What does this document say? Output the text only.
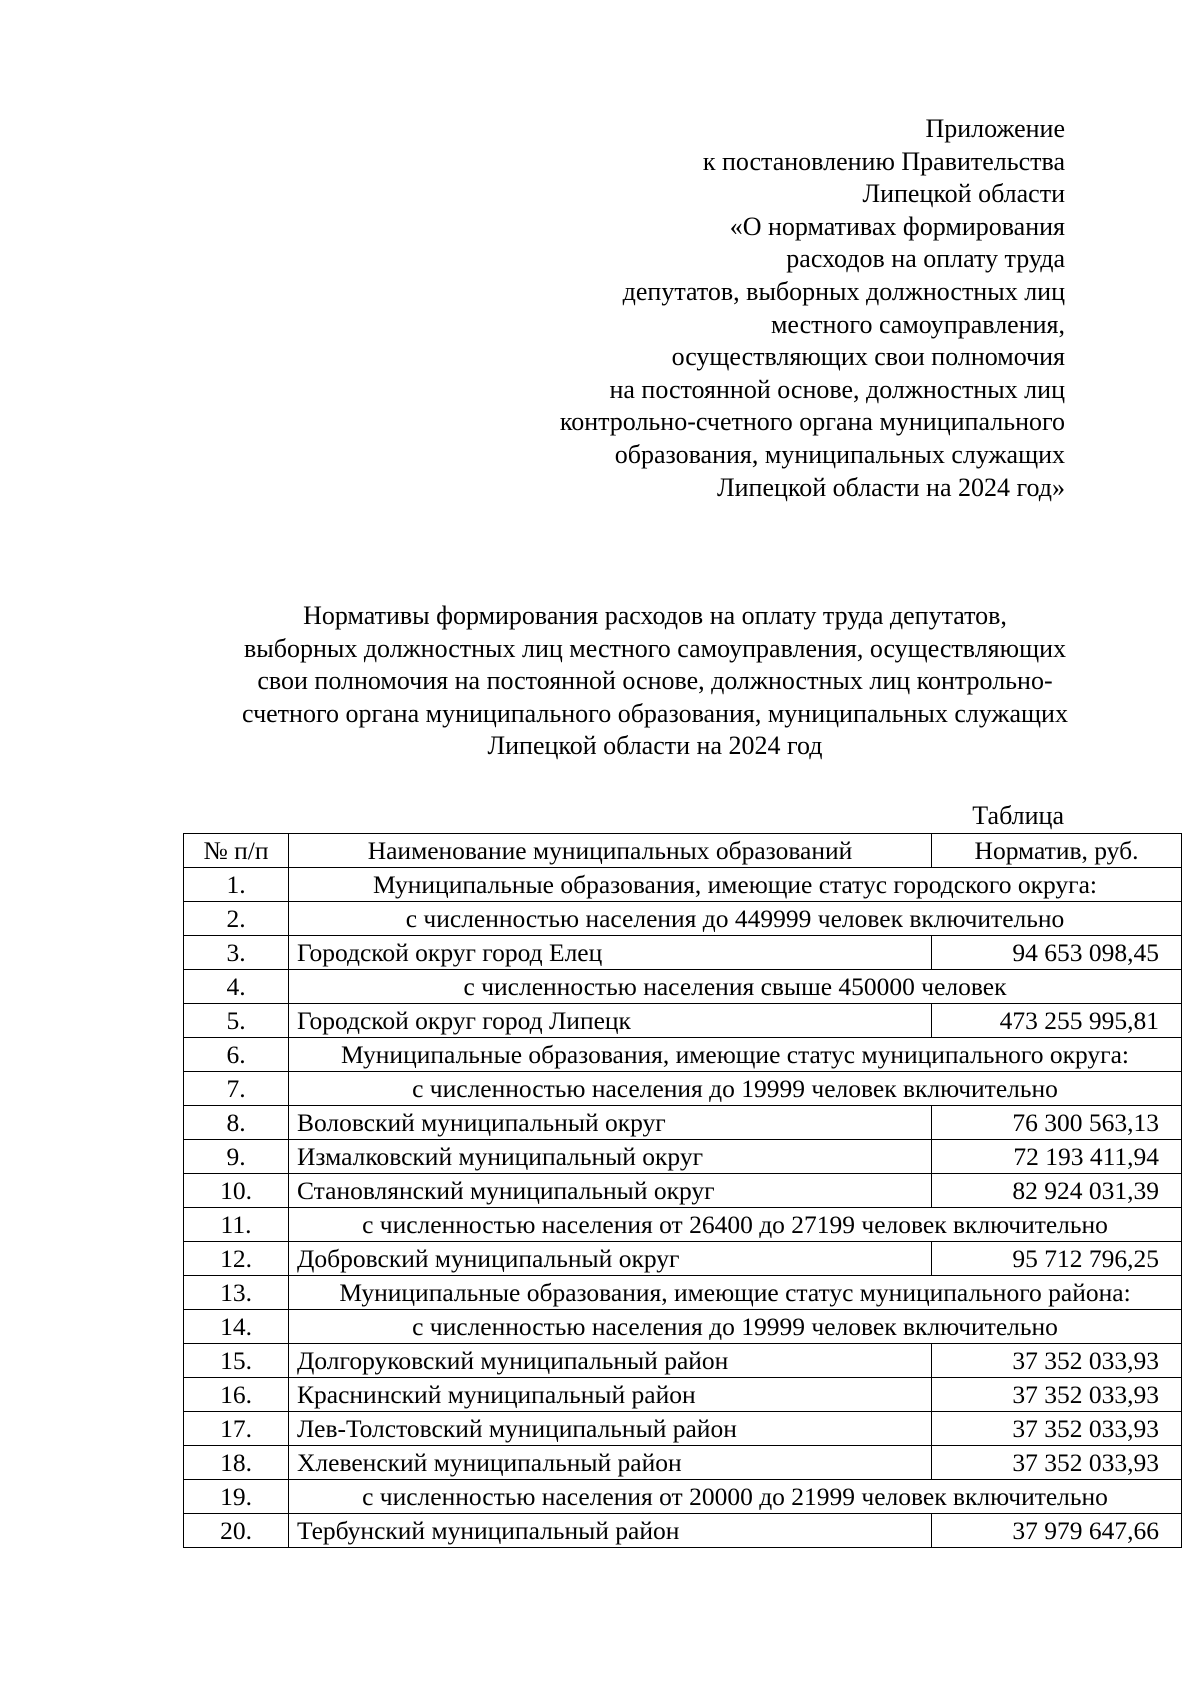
Приложение
к постановлению Правительства
Липецкой области
«О нормативах формирования
расходов на оплату труда
депутатов, выборных должностных лиц
местного самоуправления,
осуществляющих свои полномочия
на постоянной основе, должностных лиц
контрольно-счетного органа муниципального
образования, муниципальных служащих
Липецкой области на 2024 год»
Нормативы формирования расходов на оплату труда депутатов,
выборных должностных лиц местного самоуправления, осуществляющих
свои полномочия на постоянной основе, должностных лиц контрольно-
счетного органа муниципального образования, муниципальных служащих
Липецкой области на 2024 год
Таблица
№ п/п	Наименование муниципальных образований	Норматив, руб.
1.	Муниципальные образования, имеющие статус городского округа:	
2.	с численностью населения до 449999 человек включительно	
3.	Городской округ город Елец	94 653 098,45
4.	с численностью населения свыше 450000 человек	
5.	Городской округ город Липецк	473 255 995,81
6.	Муниципальные образования, имеющие статус муниципального округа:	
7.	с численностью населения до 19999 человек включительно	
8.	Воловский муниципальный округ	76 300 563,13
9.	Измалковский муниципальный округ	72 193 411,94
10.	Становлянский муниципальный округ	82 924 031,39
11.	с численностью населения от 26400 до 27199 человек включительно	
12.	Добровский муниципальный округ	95 712 796,25
13.	Муниципальные образования, имеющие статус муниципального района:	
14.	с численностью населения до 19999 человек включительно	
15.	Долгоруковский муниципальный район	37 352 033,93
16.	Краснинский муниципальный район	37 352 033,93
17.	Лев-Толстовский муниципальный район	37 352 033,93
18.	Хлевенский муниципальный район	37 352 033,93
19.	с численностью населения от 20000 до 21999 человек включительно	
20.	Тербунский муниципальный район	37 979 647,66
